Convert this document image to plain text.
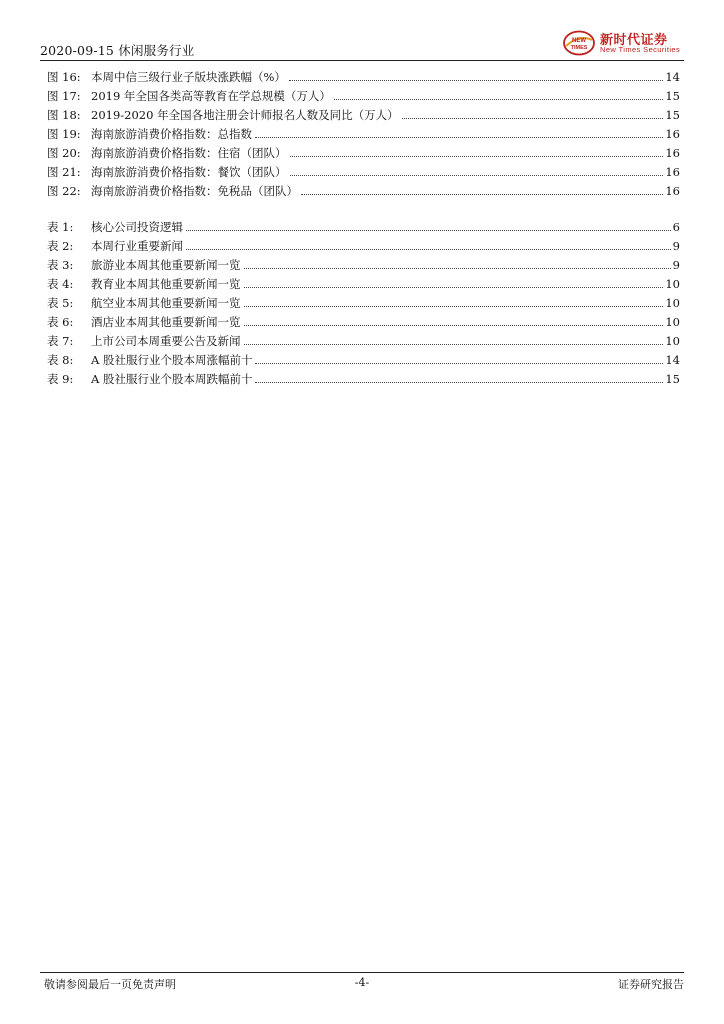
2020-09-15 休闲服务行业
NEW
TIMES 新时代证券
New Times Securities
图 16: 本周中信三级行业子版块涨跌幅（%）	14
图 17: 2019 年全国各类高等教育在学总规模（万人）	15
图 18: 2019-2020 年全国各地注册会计师报名人数及同比（万人）	15
图 19: 海南旅游消费价格指数：总指数	16
图 20: 海南旅游消费价格指数：住宿（团队）	16
图 21: 海南旅游消费价格指数：餐饮（团队）	16
图 22: 海南旅游消费价格指数：免税品（团队）	16
表 1:	核心公司投资逻辑	6
表 2:	本周行业重要新闻	9
表 3:	旅游业本周其他重要新闻一览	9
表 4:	教育业本周其他重要新闻一览	10
表 5:	航空业本周其他重要新闻一览	10
表 6:	酒店业本周其他重要新闻一览	10
表 7:	上市公司本周重要公告及新闻	10
表 8:	A 股社服行业个股本周涨幅前十	14
表 9:	A 股社服行业个股本周跌幅前十	15
敬请参阅最后一页免责声明	-4-	证券研究报告
